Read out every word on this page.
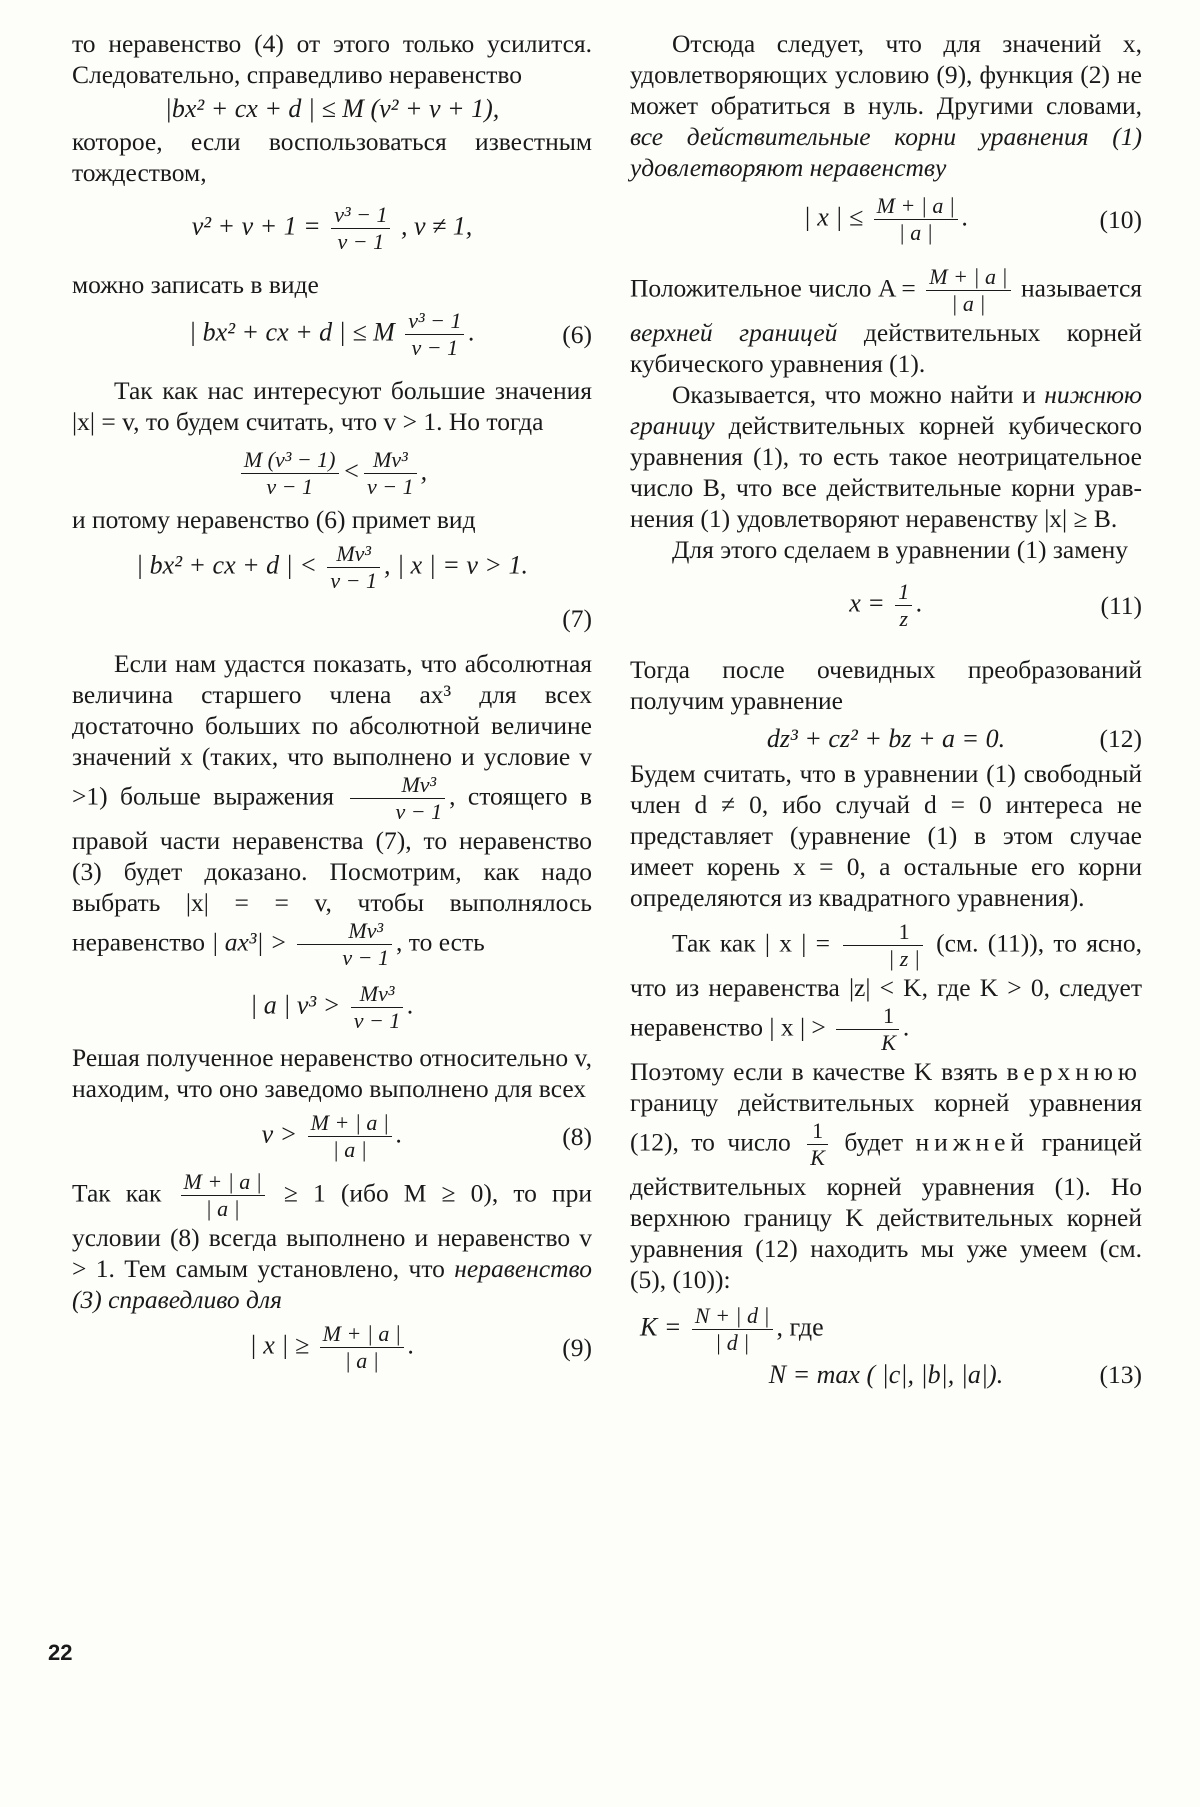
то неравенство (4) от этого только усилится. Следовательно, справедливо неравенство

|bx² + cx + d | ≤ M (v² + v + 1),

которое, если воспользоваться известным тождеством,

$v^2 + v + 1 = \frac{\text{v³ − 1}}{v - 1}$ , v ≠ 1,

можно записать в виде

| bx² + cx + d | ≤ M $\frac{\text{v³ − 1}}{v - 1}$ .	(6)

Так как нас интересуют большие значения |x| = v, то будем считать, что v > 1. Но тогда

$\frac{\text{M (v³ − 1)}}{v - 1} < \frac{\text{Mv³}}{v - 1}$ ,

и потому неравенство (6) примет вид

| bx² + cx + d | < $\frac{\text{Mv³}}{v - 1}$ , | x | = v > 1.
(7)

Если нам удастся показать, что абсолютная величина старшего члена ax³ для всех достаточно больших по абсолютной величине значений x (таких, что выполнено и условие v >1) больше выражения $\frac{\text{Mv³}}{v - 1}$ , стоящего в правой части неравенства (7), то неравенство (3) будет доказано. Посмотрим, как надо выбрать |x| = = v, чтобы выполнялось неравенство | $ax^3| > \frac{\text{Mv³}}{v - 1}$ , то есть

| a | $v^3 > \frac{\text{Mv³}}{v - 1}$ .

Решая полученное неравенство относительно v, находим, что оно заведомо выполнено для всех

$v > \frac{M + | a |}{| a |}$ .	(8)

Так как $\frac{M + | a |}{| a |} \ge 1$ (ибо M ≥ 0), то при условии (8) всегда выполнено и неравенство v > 1. Тем самым установлено, что неравенство (3) справедливо для

| x | ≥ $\frac{M + | a |}{| a |}$ .	(9)

Отсюда следует, что для значений x, удовлетворяющих условию (9), функция (2) не может обратиться в нуль. Другими словами, все действительные корни уравнения (1) удовлетворяют неравенству

| x | ≤ $\frac{M + | a |}{| a |}$ .	(10)

Положительное число $A = \frac{M + | a |}{| a |}$ называется верхней границей действительных корней кубического уравнения (1).

Оказывается, что можно найти и нижнюю границу действительных корней кубического уравнения (1), то есть такое неотрицательное число B, что все действительные корни уравнения (1) удовлетворяют неравенству |x| ≥ B.

Для этого сделаем в уравнении (1) замену

$x = \frac{1}{z}$ .	(11)

Тогда после очевидных преобразований получим уравнение

dz³ + cz² + bz + a = 0.	(12)

Будем считать, что в уравнении (1) свободный член d ≠ 0, ибо случай d = 0 интереса не представляет (уравнение (1) в этом случае имеет корень x = 0, а остальные его корни определяются из квадратного уравнения).

Так как | x | = $\frac{1}{| z |} (см$. (11)), то ясно, что из неравенства |z| < K, где K > 0, следует неравенство | x | > $\frac{1}{K}$ .

Поэтому если в качестве K взять верхнюю границу действительных корней уравнения (12), то число $\frac{1}{K}$ будет нижней границей действительных корней уравнения (1). Но верхнюю границу K действительных корней уравнения (12) находить мы уже умеем (см. (5), (10)):

$K = \frac{N + | d |}{| d |}$ , где
N = max ( |c|, |b|, |a|).	(13)
22
